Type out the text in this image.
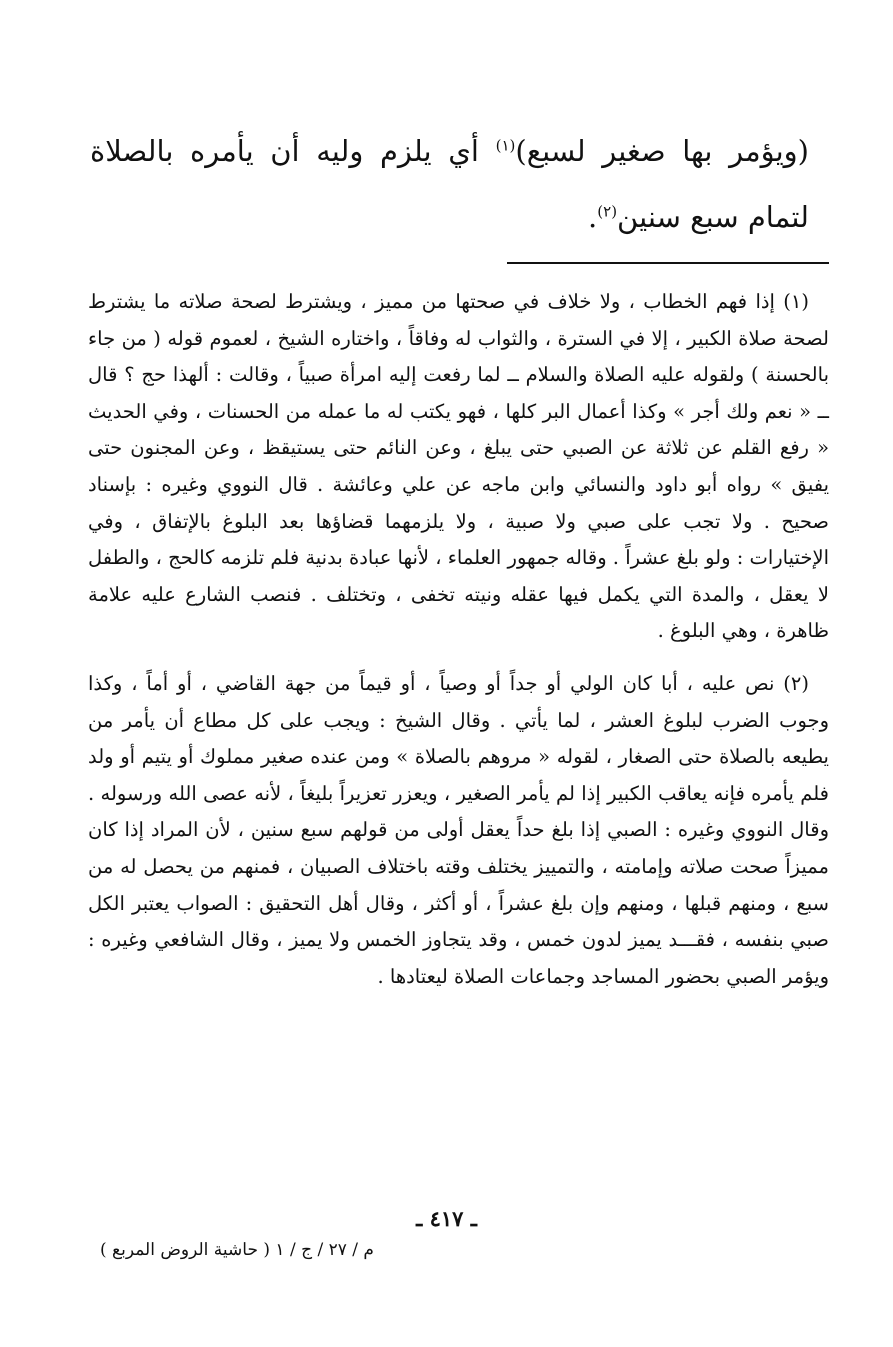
(ويؤمر بها صغير لسبع)$^{(١)}$ أي يلزم وليه أن يأمره بالصلاة لتمام سبع سنين$^{(٢)}$.

(١) إذا فهم الخطاب ، ولا خلاف في صحتها من مميز ، ويشترط لصحة صلاته ما يشترط لصحة صلاة الكبير ، إلا في السترة ، والثواب له وفاقاً ، واختاره الشيخ ، لعموم قوله ( من جاء بالحسنة ) ولقوله عليه الصلاة والسلام ــ لما رفعت إليه امرأة صبياً ، وقالت : ألهذا حج ؟ قال ــ « نعم ولك أجر » وكذا أعمال البر كلها ، فهو يكتب له ما عمله من الحسنات ، وفي الحديث « رفع القلم عن ثلاثة عن الصبي حتى يبلغ ، وعن النائم حتى يستيقظ ، وعن المجنون حتى يفيق » رواه أبو داود والنسائي وابن ماجه عن علي وعائشة . قال النووي وغيره : بإسناد صحيح . ولا تجب على صبي ولا صبية ، ولا يلزمهما قضاؤها بعد البلوغ بالإتفاق ، وفي الإختيارات : ولو بلغ عشراً . وقاله جمهور العلماء ، لأنها عبادة بدنية فلم تلزمه كالحج ، والطفل لا يعقل ، والمدة التي يكمل فيها عقله ونيته تخفى ، وتختلف . فنصب الشارع عليه علامة ظاهرة ، وهي البلوغ .

(٢) نص عليه ، أبا كان الولي أو جداً أو وصياً ، أو قيماً من جهة القاضي ، أو أماً ، وكذا وجوب الضرب لبلوغ العشر ، لما يأتي . وقال الشيخ : ويجب على كل مطاع أن يأمر من يطيعه بالصلاة حتى الصغار ، لقوله « مروهم بالصلاة » ومن عنده صغير مملوك أو يتيم أو ولد فلم يأمره فإنه يعاقب الكبير إذا لم يأمر الصغير ، ويعزر تعزيراً بليغاً ، لأنه عصى الله ورسوله . وقال النووي وغيره : الصبي إذا بلغ حداً يعقل أولى من قولهم سبع سنين ، لأن المراد إذا كان مميزاً صحت صلاته وإمامته ، والتمييز يختلف وقته باختلاف الصبيان ، فمنهم من يحصل له من سبع ، ومنهم قبلها ، ومنهم وإن بلغ عشراً ، أو أكثر ، وقال أهل التحقيق : الصواب يعتبر الكل صبي بنفسه ، فقـــد يميز لدون خمس ، وقد يتجاوز الخمس ولا يميز ، وقال الشافعي وغيره : ويؤمر الصبي بحضور المساجد وجماعات الصلاة ليعتادها .

ـ ٤١٧ ـ
م / ٢٧ / ج / ١ ( حاشية الروض المربع )
